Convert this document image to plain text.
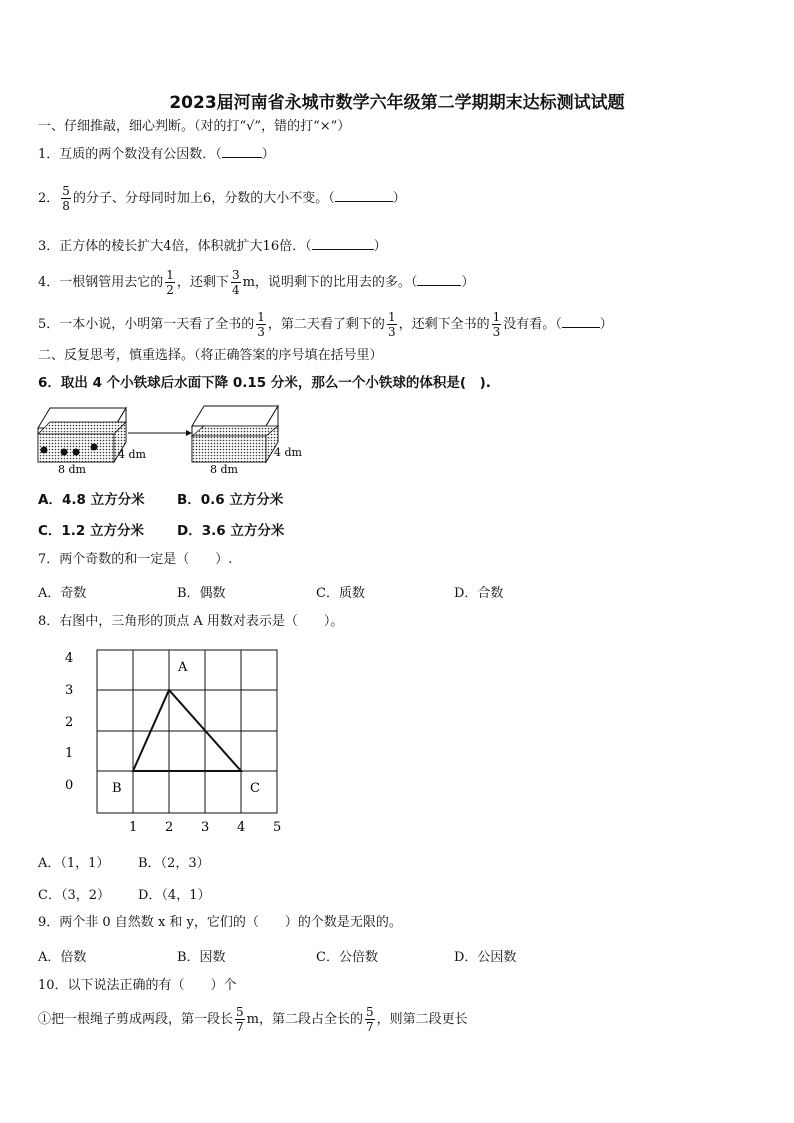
2023届河南省永城市数学六年级第二学期期末达标测试试题
一、仔细推敲，细心判断。（对的打“√”，错的打“×”）
1．互质的两个数没有公因数．（	）
2． $\frac{5}{8}$ 的分子、分母同时加上6，分数的大小不变。（	）
3．正方体的棱长扩大4倍，体积就扩大16倍．（	）
4．一根钢管用去它的 $\frac{1}{2}$ ，还剩下 $\frac{3}{4}$ m，说明剩下的比用去的多。（	）
5．一本小说，小明第一天看了全书的 $\frac{1}{3}$ ，第二天看了剩下的 $\frac{1}{3}$ ，还剩下全书的 $\frac{1}{3}$ 没有看。（	）
二、反复思考，慎重选择。（将正确答案的序号填在括号里）
6．取出 4 个小铁球后水面下降 0.15 分米，那么一个小铁球的体积是(　).
4 dm
8 dm
4 dm
8 dm
A．4.8 立方分米 B．0.6 立方分米
C．1.2 立方分米 D．3.6 立方分米
7．两个奇数的和一定是（　　）.
A．奇数	B．偶数	C．质数	D．合数
8．右图中，三角形的顶点 A 用数对表示是（　　）。
4
3
2
1
0
1 2 3 4 5
A
B	C
A．（1，1） B．（2，3）
C．（3，2） D．（4，1）
9．两个非 0 自然数 x 和 y，它们的（　　）的个数是无限的。
A．倍数	B．因数	C．公倍数	D．公因数
10．以下说法正确的有（　　）个
①把一根绳子剪成两段，第一段长 $\frac{5}{7}$ m，第二段占全长的 $\frac{5}{7}$ ，则第二段更长
